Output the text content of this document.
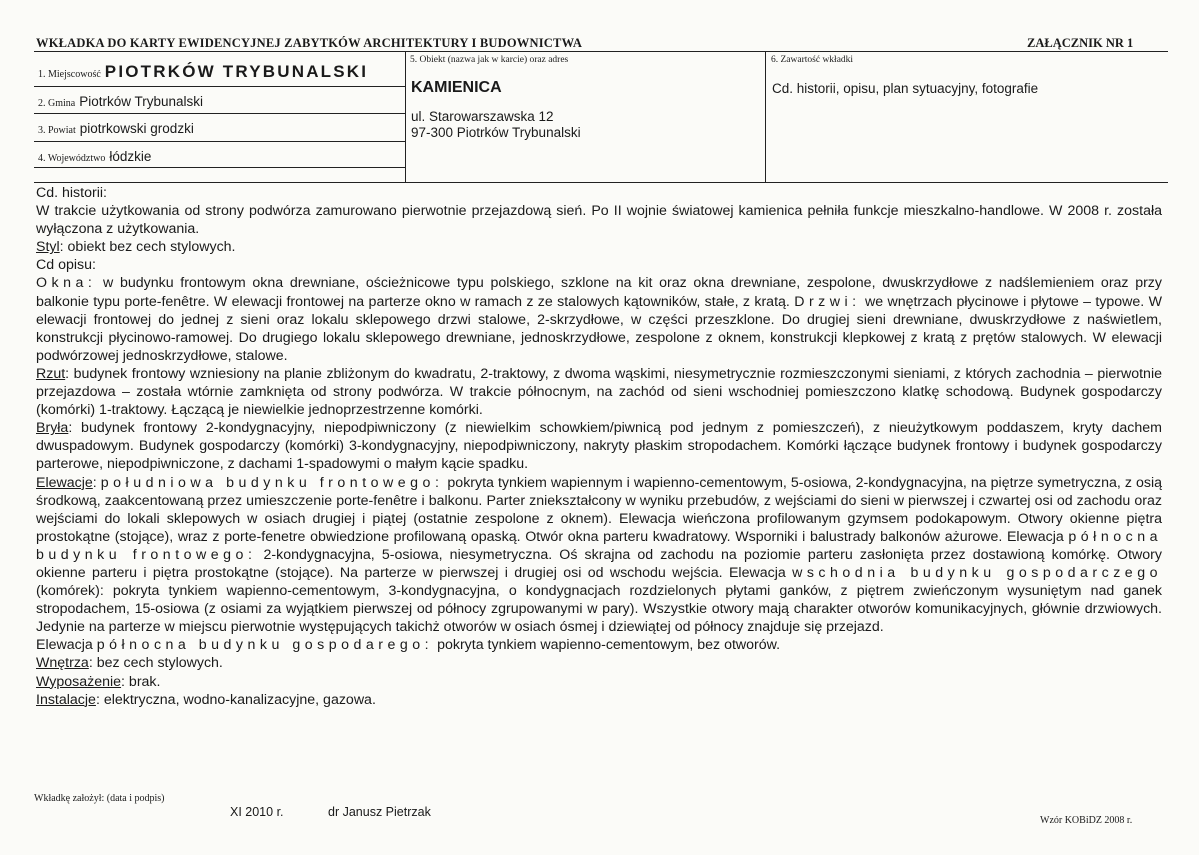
WKŁADKA DO KARTY EWIDENCYJNEJ ZABYTKÓW ARCHITEKTURY I BUDOWNICTWA	ZAŁĄCZNIK NR 1
1. Miejscowość PIOTRKÓW TRYBUNALSKI
2. Gmina Piotrków Trybunalski
3. Powiat piotrkowski grodzki
4. Województwo łódzkie
5. Obiekt (nazwa jak w karcie) oraz adres
KAMIENICA
ul. Starowarszawska 12
97-300 Piotrków Trybunalski
6. Zawartość wkładki
Cd. historii, opisu, plan sytuacyjny, fotografie

Cd. historii:

W trakcie użytkowania od strony podwórza zamurowano pierwotnie przejazdową sień. Po II wojnie światowej kamienica pełniła funkcje mieszkalno-handlowe. W 2008 r. została wyłączona z użytkowania.

Styl: obiekt bez cech stylowych.

Cd opisu:

Okna: w budynku frontowym okna drewniane, ościeżnicowe typu polskiego, szklone na kit oraz okna drewniane, zespolone, dwuskrzydłowe z nadślemieniem oraz przy balkonie typu porte-fenêtre. W elewacji frontowej na parterze okno w ramach z ze stalowych kątowników, stałe, z kratą. Drzwi: we wnętrzach płycinowe i płytowe – typowe. W elewacji frontowej do jednej z sieni oraz lokalu sklepowego drzwi stalowe, 2-skrzydłowe, w części przeszklone. Do drugiej sieni drewniane, dwuskrzydłowe z naświetlem, konstrukcji płycinowo-ramowej. Do drugiego lokalu sklepowego drewniane, jednoskrzydłowe, zespolone z oknem, konstrukcji klepkowej z kratą z prętów stalowych. W elewacji podwórzowej jednoskrzydłowe, stalowe.

Rzut: budynek frontowy wzniesiony na planie zbliżonym do kwadratu, 2-traktowy, z dwoma wąskimi, niesymetrycznie rozmieszczonymi sieniami, z których zachodnia – pierwotnie przejazdowa – została wtórnie zamknięta od strony podwórza. W trakcie północnym, na zachód od sieni wschodniej pomieszczono klatkę schodową. Budynek gospodarczy (komórki) 1-traktowy. Łączącą je niewielkie jednoprzestrzenne komórki.

Bryła: budynek frontowy 2-kondygnacyjny, niepodpiwniczony (z niewielkim schowkiem/piwnicą pod jednym z pomieszczeń), z nieużytkowym poddaszem, kryty dachem dwuspadowym. Budynek gospodarczy (komórki) 3-kondygnacyjny, niepodpiwniczony, nakryty płaskim stropodachem. Komórki łączące budynek frontowy i budynek gospodarczy parterowe, niepodpiwniczone, z dachami 1-spadowymi o małym kącie spadku.

Elewacje: południowa budynku frontowego: pokryta tynkiem wapiennym i wapienno-cementowym, 5-osiowa, 2-kondygnacyjna, na piętrze symetryczna, z osią środkową, zaakcentowaną przez umieszczenie porte-fenêtre i balkonu. Parter zniekształcony w wyniku przebudów, z wejściami do sieni w pierwszej i czwartej osi od zachodu oraz wejściami do lokali sklepowych w osiach drugiej i piątej (ostatnie zespolone z oknem). Elewacja wieńczona profilowanym gzymsem podokapowym. Otwory okienne piętra prostokątne (stojące), wraz z porte-fenetre obwiedzione profilowaną opaską. Otwór okna parteru kwadratowy. Wsporniki i balustrady balkonów ażurowe. Elewacja północna budynku frontowego: 2-kondygnacyjna, 5-osiowa, niesymetryczna. Oś skrajna od zachodu na poziomie parteru zasłonięta przez dostawioną komórkę. Otwory okienne parteru i piętra prostokątne (stojące). Na parterze w pierwszej i drugiej osi od wschodu wejścia. Elewacja wschodnia budynku gospodarczego (komórek): pokryta tynkiem wapienno-cementowym, 3-kondygnacyjna, o kondygnacjach rozdzielonych płytami ganków, z piętrem zwieńczonym wysuniętym nad ganek stropodachem, 15-osiowa (z osiami za wyjątkiem pierwszej od północy zgrupowanymi w pary). Wszystkie otwory mają charakter otworów komunikacyjnych, głównie drzwiowych. Jedynie na parterze w miejscu pierwotnie występujących takichż otworów w osiach ósmej i dziewiątej od północy znajduje się przejazd.

Elewacja północna budynku gospodarego: pokryta tynkiem wapienno-cementowym, bez otworów.

Wnętrza: bez cech stylowych.

Wyposażenie: brak.

Instalacje: elektryczna, wodno-kanalizacyjne, gazowa.

Wkładkę założył: (data i podpis)
XI 2010 r.	dr Janusz Pietrzak
Wzór KOBiDZ 2008 r.
